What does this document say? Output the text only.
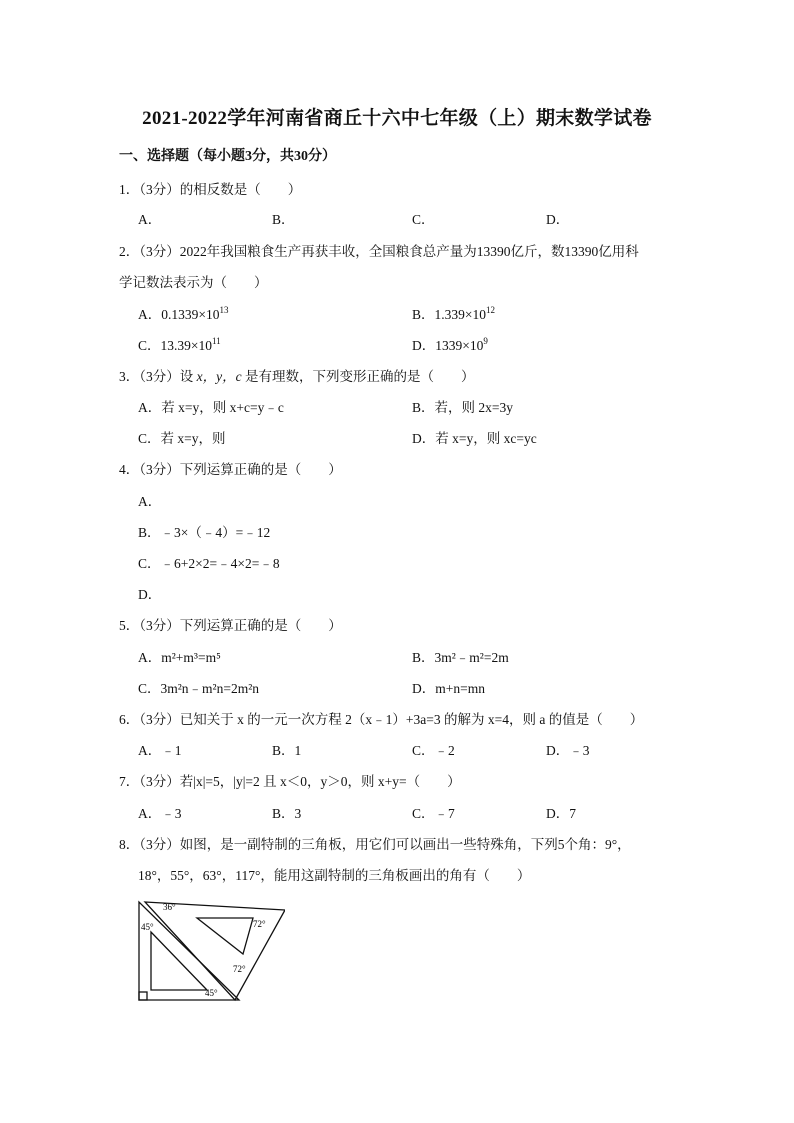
2021-2022学年河南省商丘十六中七年级（上）期末数学试卷
一、选择题（每小题3分，共30分）
1．（3分）的相反数是（　　）
A．	B．	C．	D．
2．（3分）2022年我国粮食生产再获丰收，全国粮食总产量为13390亿斤，数13390亿用科
学记数法表示为（　　）
A．$0.1339\times 10^{13}$	B．$1.339\times 10^{12}$
C．$13.39\times 10^{11}$	D．$1339\times 10^9$
3．（3分）设 x，y，c 是有理数，下列变形正确的是（　　）
A．若 x=y，则 x+c=y﹣c	B．若，则 2x=3y
C．若 x=y，则	D．若 x=y，则 xc=yc
4．（3分）下列运算正确的是（　　）
A．
B．﹣3×（﹣4）=﹣12
C．﹣6+2×2=﹣4×2=﹣8
D．
5．（3分）下列运算正确的是（　　）
A．m²+m³=m⁵	B．3m²﹣m²=2m
C．3m²n﹣m²n=2m²n	D．m+n=mn
6．（3分）已知关于 x 的一元一次方程 2（x﹣1）+3a=3 的解为 x=4，则 a 的值是（　　）
A．﹣1	B．1	C．﹣2	D．﹣3
7．（3分）若|x|=5，|y|=2 且 x＜0，y＞0，则 x+y=（　　）
A．﹣3	B．3	C．﹣7	D．7
8．（3分）如图，是一副特制的三角板，用它们可以画出一些特殊角，下列5个角：9°，
18°，55°，63°，117°，能用这副特制的三角板画出的角有（　　）
36°
45°	72°
72°
45°
